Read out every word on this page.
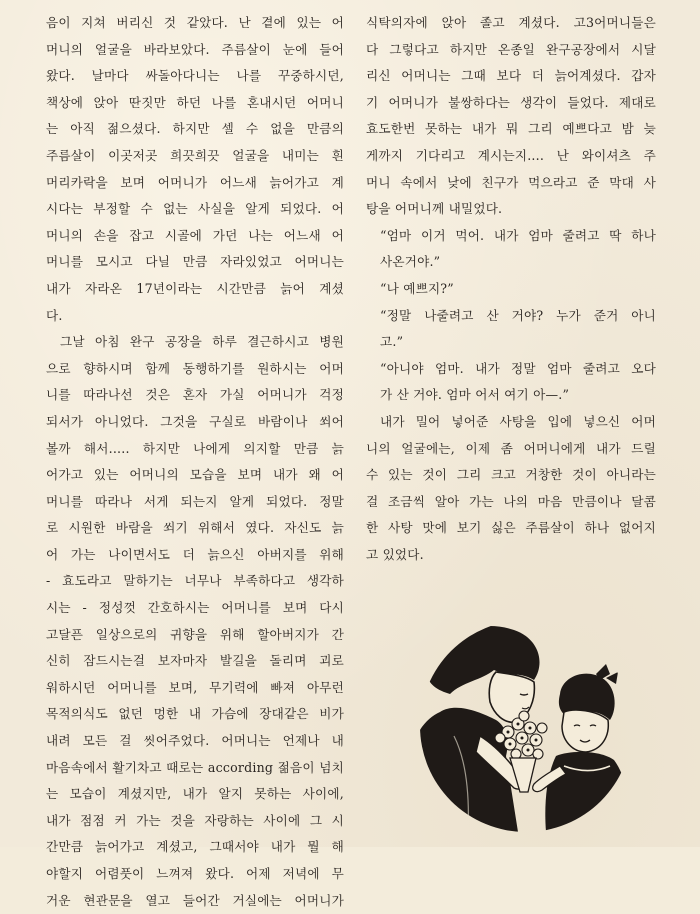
음이 지쳐 버리신 것 같았다. 난 곁에 있는 어
머니의 얼굴을 바라보았다. 주름살이 눈에 들어
왔다. 날마다 싸돌아다니는 나를 꾸중하시던,
책상에 앉아 딴짓만 하던 나를 혼내시던 어머니
는 아직 젊으셨다. 하지만 셀 수 없을 만큼의
주름살이 이곳저곳 희끗희끗 얼굴을 내미는 흰
머리카락을 보며 어머니가 어느새 늙어가고 계
시다는 부정할 수 없는 사실을 알게 되었다. 어
머니의 손을 잡고 시골에 가던 나는 어느새 어
머니를 모시고 다닐 만큼 자라있었고 어머니는
내가 자라온 17년이라는 시간만큼 늙어 계셨
다.
그날 아침 완구 공장을 하루 결근하시고 병원
으로 향하시며 함께 동행하기를 원하시는 어머
니를 따라나선 것은 혼자 가실 어머니가 걱정
되서가 아니었다. 그것을 구실로 바람이나 쐬어
볼까 해서..... 하지만 나에게 의지할 만큼 늙
어가고 있는 어머니의 모습을 보며 내가 왜 어
머니를 따라나 서게 되는지 알게 되었다. 정말
로 시원한 바람을 쐬기 위해서 였다. 자신도 늙
어 가는 나이면서도 더 늙으신 아버지를 위해
- 효도라고 말하기는 너무나 부족하다고 생각하
시는 - 정성껏 간호하시는 어머니를 보며 다시
고달픈 일상으로의 귀향을 위해 할아버지가 간
신히 잠드시는걸 보자마자 발길을 돌리며 괴로
워하시던 어머니를 보며, 무기력에 빠져 아무런
목적의식도 없던 멍한 내 가슴에 장대같은 비가
내려 모든 걸 씻어주었다. 어머니는 언제나 내
마음속에서 활기차고 때로는 according 젊음이 넘치
는 모습이 계셨지만, 내가 알지 못하는 사이에,
내가 점점 커 가는 것을 자랑하는 사이에 그 시
간만큼 늙어가고 계셨고, 그때서야 내가 뭘 해
야할지 어렴풋이 느껴져 왔다. 어제 저녁에 무
거운 현관문을 열고 들어간 거실에는 어머니가
식탁의자에 앉아 졸고 계셨다. 고3어머니들은
다 그렇다고 하지만 온종일 완구공장에서 시달
리신 어머니는 그때 보다 더 늙어계셨다. 갑자
기 어머니가 불쌍하다는 생각이 들었다. 제대로
효도한번 못하는 내가 뭐 그리 예쁘다고 밤 늦
게까지 기다리고 계시는지.... 난 와이셔츠 주
머니 속에서 낮에 친구가 먹으라고 준 막대 사
탕을 어머니께 내밀었다.
“엄마 이거 먹어. 내가 엄마 줄려고 딱 하나
사온거야.”
“나 예쁘지?”
“정말 나줄려고 산 거야? 누가 준거 아니
고.”
“아니야 엄마. 내가 정말 엄마 줄려고 오다
가 산 거야. 엄마 어서 여기 아—.”
내가 밀어 넣어준 사탕을 입에 넣으신 어머
니의 얼굴에는, 이제 좀 어머니에게 내가 드릴
수 있는 것이 그리 크고 거창한 것이 아니라는
걸 조금씩 알아 가는 나의 마음 만큼이나 달콤
한 사탕 맛에 보기 싫은 주름살이 하나 없어지
고 있었다.
